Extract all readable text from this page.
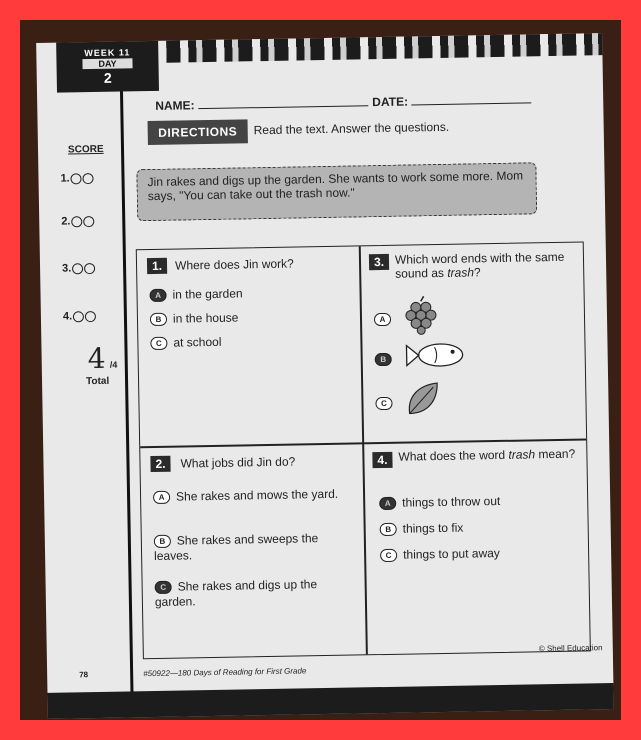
WEEK 11
DAY
2
NAME:	DATE:
DIRECTIONS	Read the text. Answer the questions.
SCORE
1.
2.
3.
4.
4 /4
Total
Jin rakes and digs up the garden. She wants to work some more. Mom says, "You can take out the trash now."
1.	Where does Jin work?
A in the garden
B in the house
C at school
3. Which word ends with the same sound as trash?
A
B
C
2.	What jobs did Jin do?
A She rakes and mows the yard.
B She rakes and sweeps the leaves.
C She rakes and digs up the garden.
4. What does the word trash mean?
A things to throw out
B things to fix
C things to put away
78	#50922—180 Days of Reading for First Grade
© Shell Education
